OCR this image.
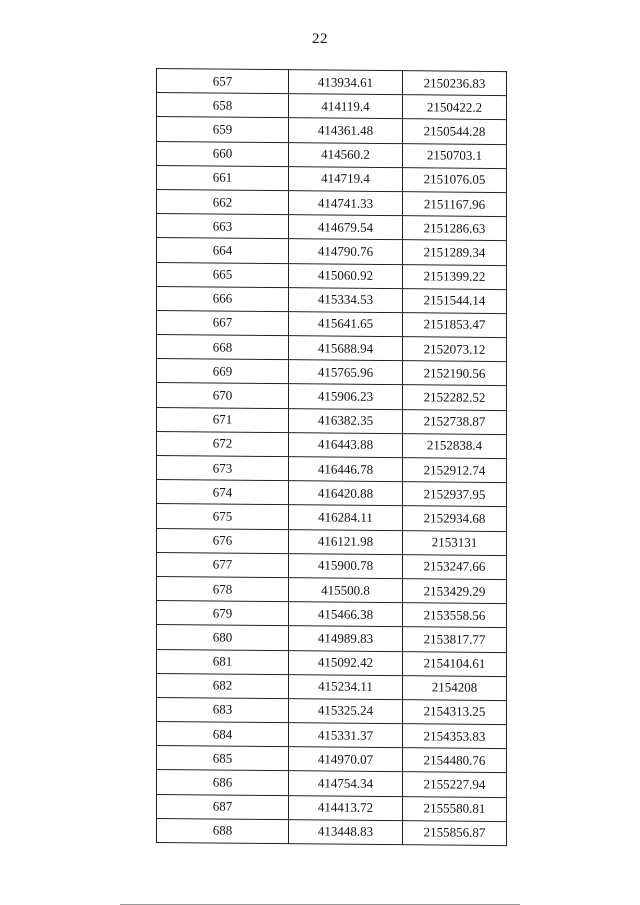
22
657	413934.61	2150236.83
658	414119.4	2150422.2
659	414361.48	2150544.28
660	414560.2	2150703.1
661	414719.4	2151076.05
662	414741.33	2151167.96
663	414679.54	2151286.63
664	414790.76	2151289.34
665	415060.92	2151399.22
666	415334.53	2151544.14
667	415641.65	2151853.47
668	415688.94	2152073.12
669	415765.96	2152190.56
670	415906.23	2152282.52
671	416382.35	2152738.87
672	416443.88	2152838.4
673	416446.78	2152912.74
674	416420.88	2152937.95
675	416284.11	2152934.68
676	416121.98	2153131
677	415900.78	2153247.66
678	415500.8	2153429.29
679	415466.38	2153558.56
680	414989.83	2153817.77
681	415092.42	2154104.61
682	415234.11	2154208
683	415325.24	2154313.25
684	415331.37	2154353.83
685	414970.07	2154480.76
686	414754.34	2155227.94
687	414413.72	2155580.81
688	413448.83	2155856.87
